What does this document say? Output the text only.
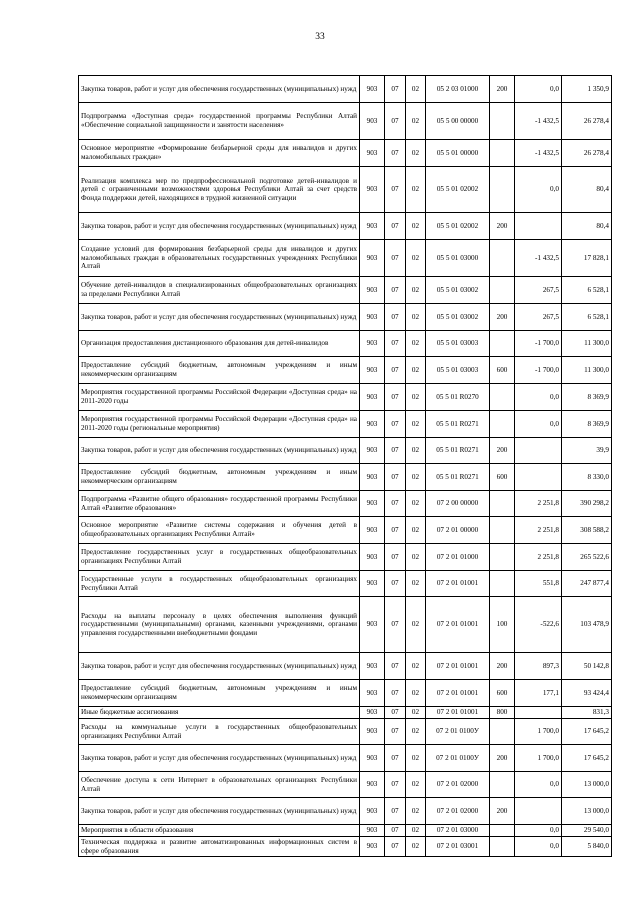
33
Закупка товаров, работ и услуг для обеспечения государственных (муниципальных) нужд	903	07	02	05 2 03 01000	200	0,0	1 350,9
Подпрограмма «Доступная среда» государственной программы Республики Алтай «Обеспечение социальной защищенности и занятости населения»	903	07	02	05 5 00 00000		-1 432,5	26 278,4
Основное мероприятие «Формирование безбарьерной среды для инвалидов и других маломобильных граждан»	903	07	02	05 5 01 00000		-1 432,5	26 278,4
Реализация комплекса мер по предпрофессиональной подготовке детей-инвалидов и детей с ограниченными возможностями здоровья Республики Алтай за счет средств Фонда поддержки детей, находящихся в трудной жизненной ситуации	903	07	02	05 5 01 02002		0,0	80,4
Закупка товаров, работ и услуг для обеспечения государственных (муниципальных) нужд	903	07	02	05 5 01 02002	200		80,4
Создание условий для формирования безбарьерной среды для инвалидов и других маломобильных граждан в образовательных государственных учреждениях Республики Алтай	903	07	02	05 5 01 03000		-1 432,5	17 828,1
Обучение детей-инвалидов в специализированных общеобразовательных организациях за пределами Республики Алтай	903	07	02	05 5 01 03002		267,5	6 528,1
Закупка товаров, работ и услуг для обеспечения государственных (муниципальных) нужд	903	07	02	05 5 01 03002	200	267,5	6 528,1
Организация предоставления дистанционного образования для детей-инвалидов	903	07	02	05 5 01 03003		-1 700,0	11 300,0
Предоставление субсидий бюджетным, автономным учреждениям и иным некоммерческим организациям	903	07	02	05 5 01 03003	600	-1 700,0	11 300,0
Мероприятия государственной программы Российской Федерации «Доступная среда» на 2011-2020 годы	903	07	02	05 5 01 R0270		0,0	8 369,9
Мероприятия государственной программы Российской Федерации «Доступная среда» на 2011-2020 годы (региональные мероприятия)	903	07	02	05 5 01 R0271		0,0	8 369,9
Закупка товаров, работ и услуг для обеспечения государственных (муниципальных) нужд	903	07	02	05 5 01 R0271	200		39,9
Предоставление субсидий бюджетным, автономным учреждениям и иным некоммерческим организациям	903	07	02	05 5 01 R0271	600		8 330,0
Подпрограмма «Развитие общего образования» государственной программы Республики Алтай «Развитие образования»	903	07	02	07 2 00 00000		2 251,8	390 298,2
Основное мероприятие «Развитие системы содержания и обучения детей в общеобразовательных организациях Республики Алтай»	903	07	02	07 2 01 00000		2 251,8	308 588,2
Предоставление государственных услуг в государственных общеобразовательных организациях Республики Алтай	903	07	02	07 2 01 01000		2 251,8	265 522,6
Государственные услуги в государственных общеобразовательных организациях Республики Алтай	903	07	02	07 2 01 01001		551,8	247 877,4
Расходы на выплаты персоналу в целях обеспечения выполнения функций государственными (муниципальными) органами, казенными учреждениями, органами управления государственными внебюджетными фондами	903	07	02	07 2 01 01001	100	-522,6	103 478,9
Закупка товаров, работ и услуг для обеспечения государственных (муниципальных) нужд	903	07	02	07 2 01 01001	200	897,3	50 142,8
Предоставление субсидий бюджетным, автономным учреждениям и иным некоммерческим организациям	903	07	02	07 2 01 01001	600	177,1	93 424,4
Иные бюджетные ассигнования	903	07	02	07 2 01 01001	800		831,3
Расходы на коммунальные услуги в государственных общеобразовательных организациях Республики Алтай	903	07	02	07 2 01 0100У		1 700,0	17 645,2
Закупка товаров, работ и услуг для обеспечения государственных (муниципальных) нужд	903	07	02	07 2 01 0100У	200	1 700,0	17 645,2
Обеспечение доступа к сети Интернет в образовательных организациях Республики Алтай	903	07	02	07 2 01 02000		0,0	13 000,0
Закупка товаров, работ и услуг для обеспечения государственных (муниципальных) нужд	903	07	02	07 2 01 02000	200		13 000,0
Мероприятия в области образования	903	07	02	07 2 01 03000		0,0	29 540,0
Техническая поддержка и развитие автоматизированных информационных систем в сфере образования	903	07	02	07 2 01 03001		0,0	5 840,0
